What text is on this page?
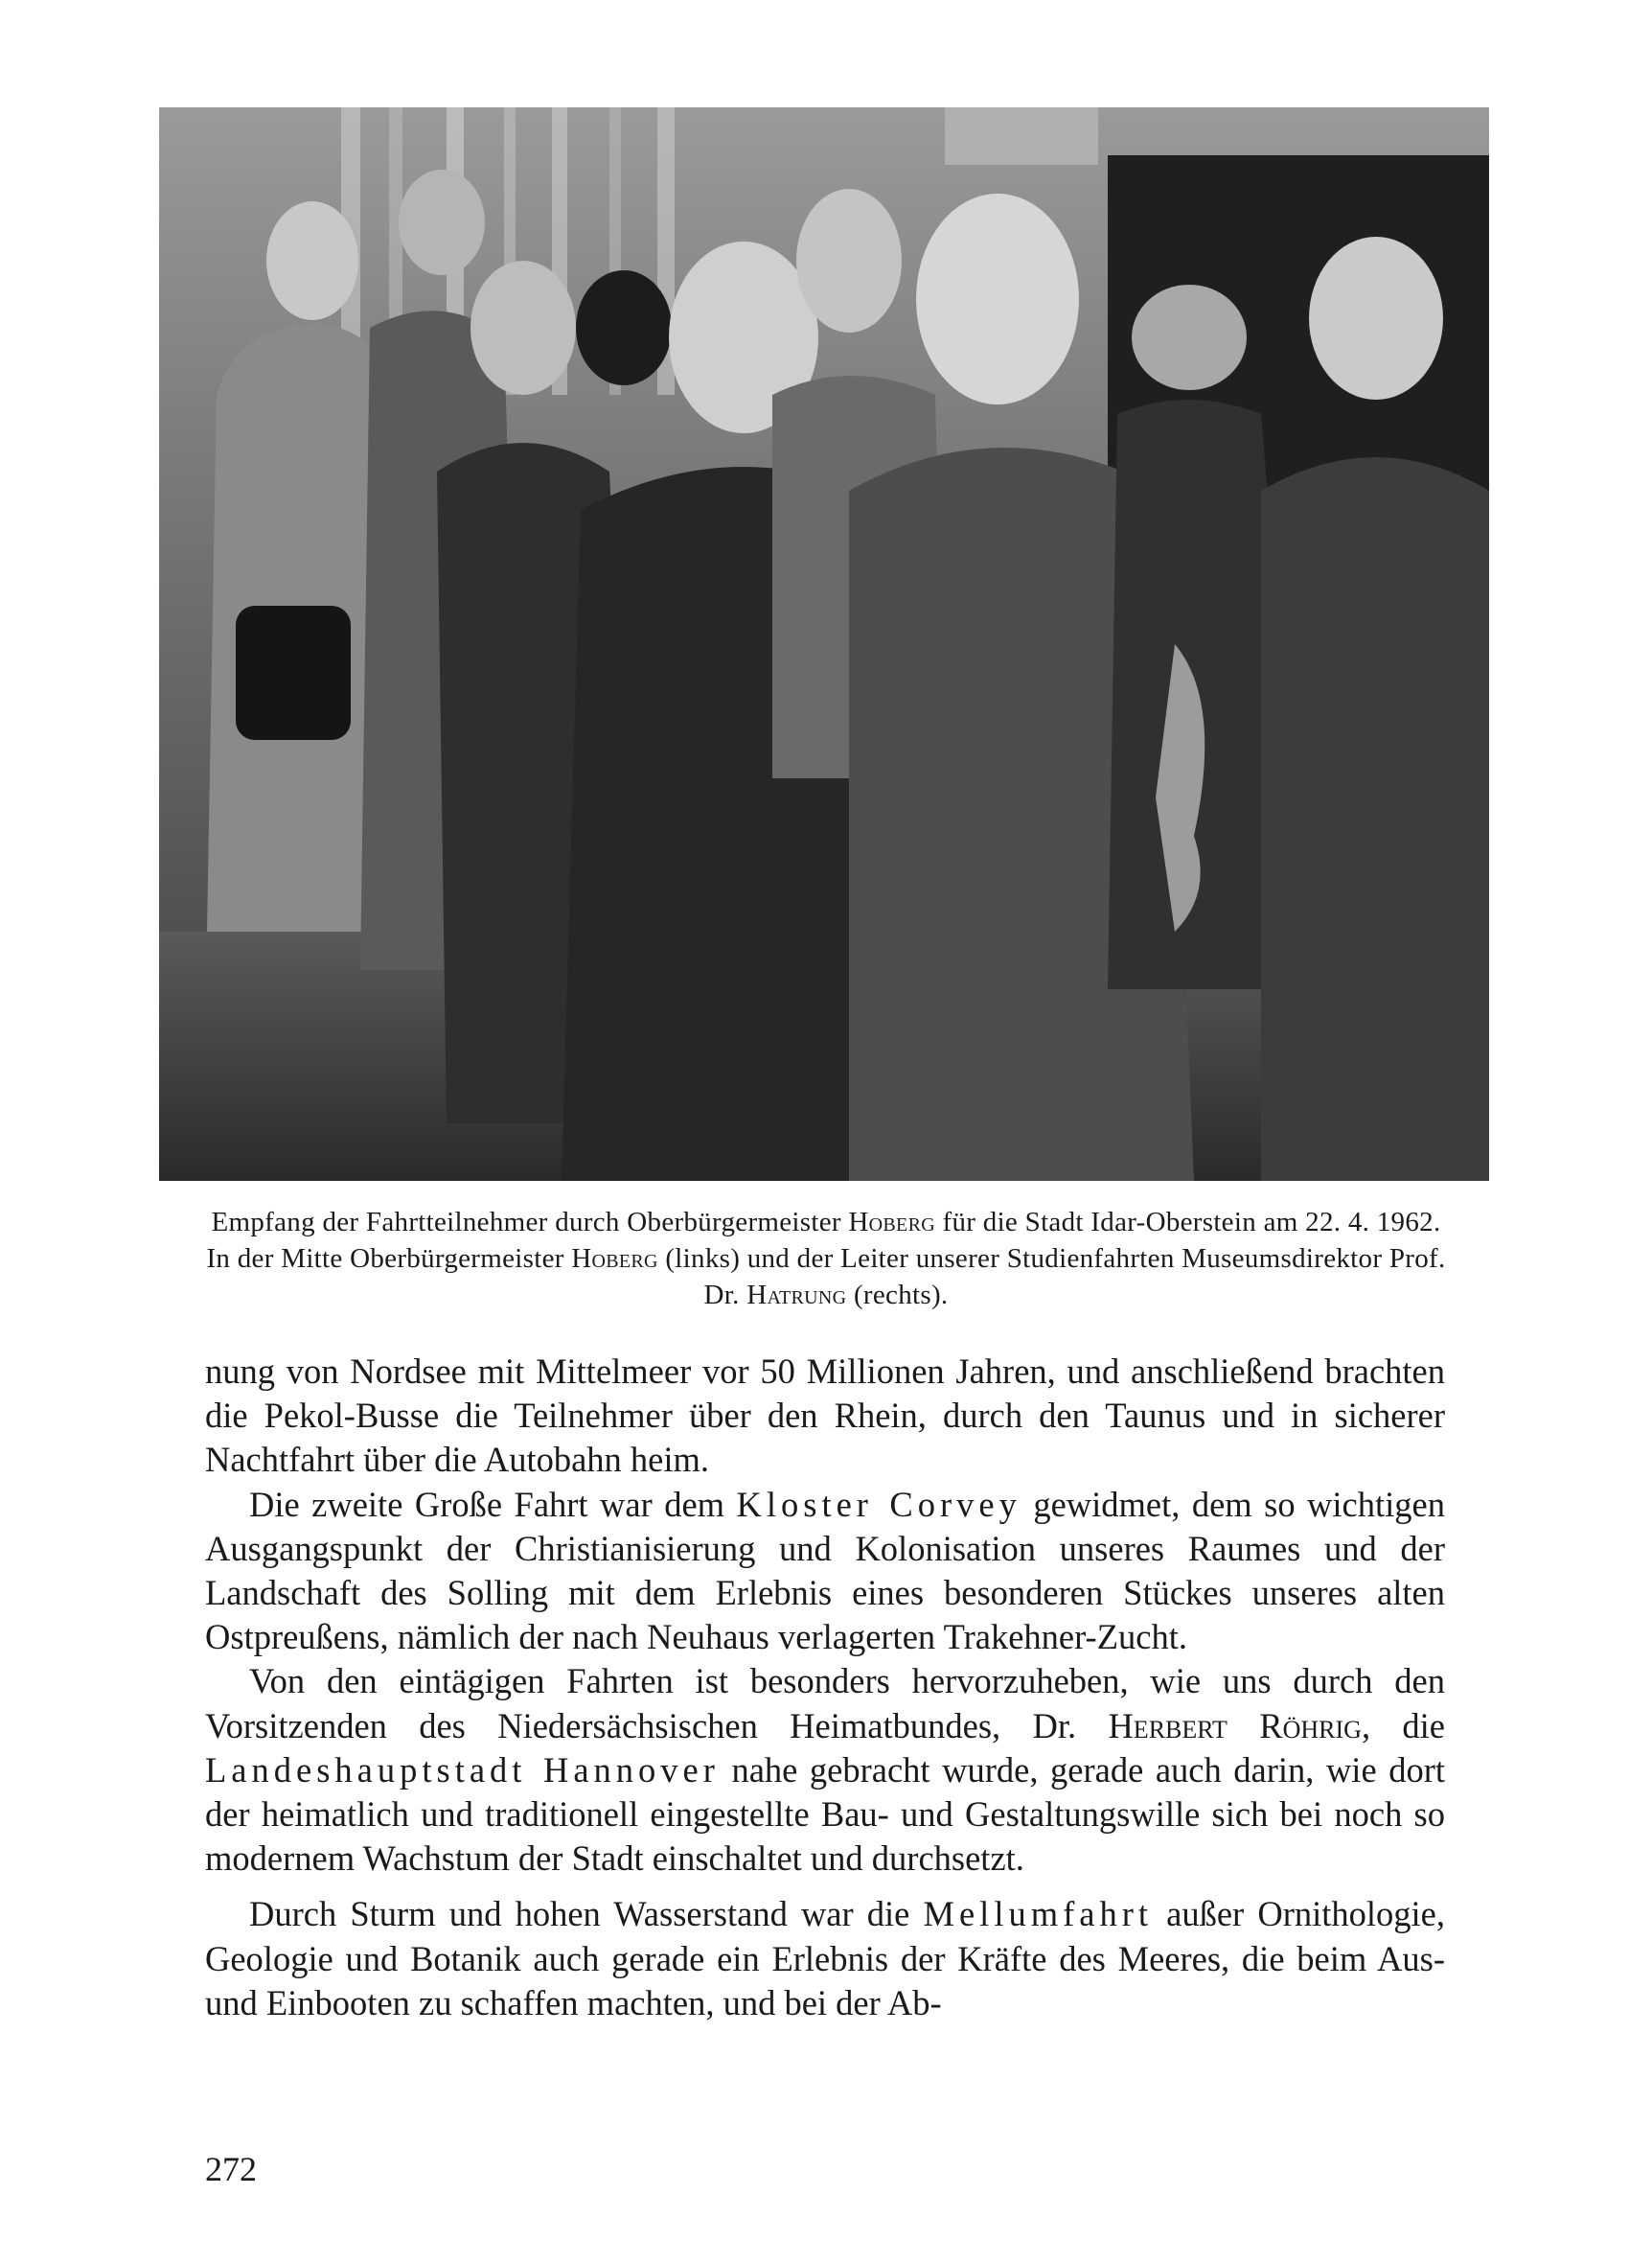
Empfang der Fahrtteilnehmer durch Oberbürgermeister Hoberg für die Stadt Idar-Oberstein am 22. 4. 1962. In der Mitte Oberbürgermeister Hoberg (links) und der Leiter unserer Studienfahrten Museumsdirektor Prof. Dr. Hatrung (rechts).

nung von Nordsee mit Mittelmeer vor 50 Millionen Jahren, und anschließend brachten die Pekol-Busse die Teilnehmer über den Rhein, durch den Taunus und in sicherer Nachtfahrt über die Autobahn heim.

Die zweite Große Fahrt war dem Kloster Corvey gewidmet, dem so wichtigen Ausgangspunkt der Christianisierung und Kolonisation unseres Raumes und der Landschaft des Solling mit dem Erlebnis eines besonderen Stückes unseres alten Ostpreußens, nämlich der nach Neuhaus verlagerten Trakehner-Zucht.

Von den eintägigen Fahrten ist besonders hervorzuheben, wie uns durch den Vorsitzenden des Niedersächsischen Heimatbundes, Dr. Herbert Röhrig, die Landeshauptstadt Hannover nahe gebracht wurde, gerade auch darin, wie dort der heimatlich und traditionell eingestellte Bau- und Gestaltungswille sich bei noch so modernem Wachstum der Stadt einschaltet und durchsetzt.

Durch Sturm und hohen Wasserstand war die Mellumfahrt außer Ornithologie, Geologie und Botanik auch gerade ein Erlebnis der Kräfte des Meeres, die beim Aus- und Einbooten zu schaffen machten, und bei der Ab-

272
